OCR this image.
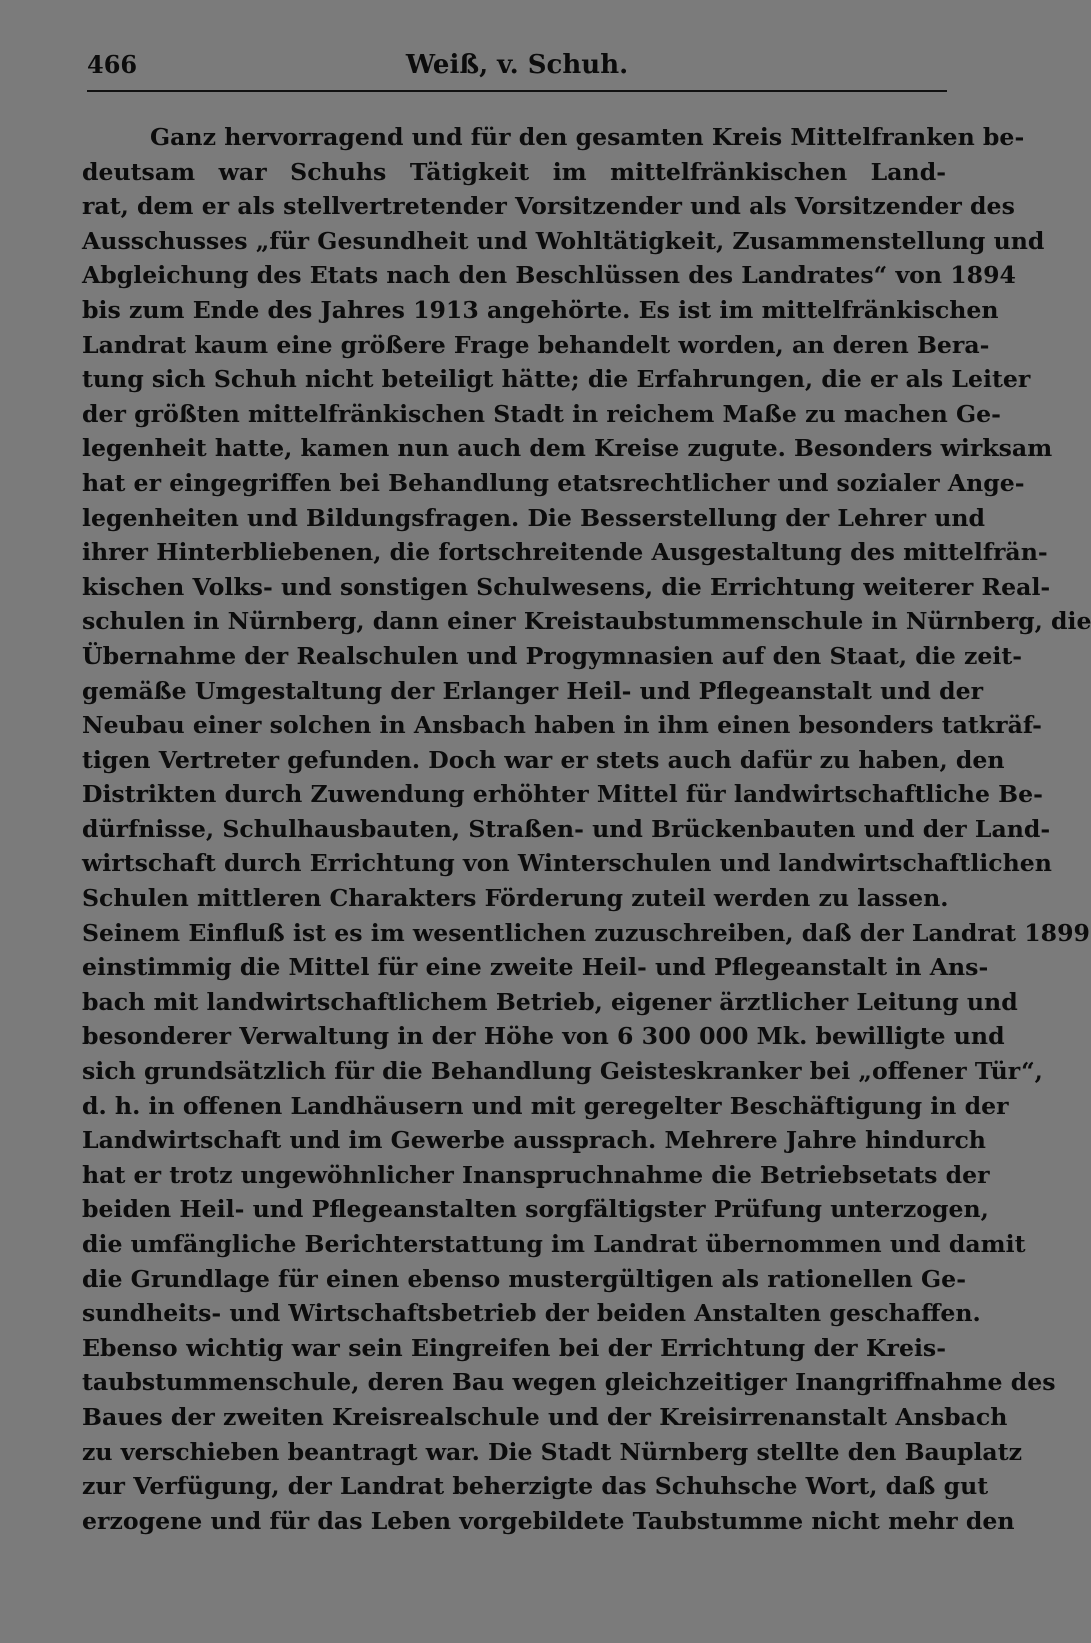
466	Weiß, v. Schuh.
Ganz hervorragend und für den gesamten Kreis Mittelfranken be-
deutsam war Schuhs Tätigkeit im mittelfränkischen Land-
rat, dem er als stellvertretender Vorsitzender und als Vorsitzender des
Ausschusses „für Gesundheit und Wohltätigkeit, Zusammenstellung und
Abgleichung des Etats nach den Beschlüssen des Landrates“ von 1894
bis zum Ende des Jahres 1913 angehörte. Es ist im mittelfränkischen
Landrat kaum eine größere Frage behandelt worden, an deren Bera-
tung sich Schuh nicht beteiligt hätte; die Erfahrungen, die er als Leiter
der größten mittelfränkischen Stadt in reichem Maße zu machen Ge-
legenheit hatte, kamen nun auch dem Kreise zugute. Besonders wirksam
hat er eingegriffen bei Behandlung etatsrechtlicher und sozialer Ange-
legenheiten und Bildungsfragen. Die Besserstellung der Lehrer und
ihrer Hinterbliebenen, die fortschreitende Ausgestaltung des mittelfrän-
kischen Volks- und sonstigen Schulwesens, die Errichtung weiterer Real-
schulen in Nürnberg, dann einer Kreistaubstummenschule in Nürnberg, die
Übernahme der Realschulen und Progymnasien auf den Staat, die zeit-
gemäße Umgestaltung der Erlanger Heil- und Pflegeanstalt und der
Neubau einer solchen in Ansbach haben in ihm einen besonders tatkräf-
tigen Vertreter gefunden. Doch war er stets auch dafür zu haben, den
Distrikten durch Zuwendung erhöhter Mittel für landwirtschaftliche Be-
dürfnisse, Schulhausbauten, Straßen- und Brückenbauten und der Land-
wirtschaft durch Errichtung von Winterschulen und landwirtschaftlichen
Schulen mittleren Charakters Förderung zuteil werden zu lassen.
Seinem Einfluß ist es im wesentlichen zuzuschreiben, daß der Landrat 1899
einstimmig die Mittel für eine zweite Heil- und Pflegeanstalt in Ans-
bach mit landwirtschaftlichem Betrieb, eigener ärztlicher Leitung und
besonderer Verwaltung in der Höhe von 6 300 000 Mk. bewilligte und
sich grundsätzlich für die Behandlung Geisteskranker bei „offener Tür“,
d. h. in offenen Landhäusern und mit geregelter Beschäftigung in der
Landwirtschaft und im Gewerbe aussprach. Mehrere Jahre hindurch
hat er trotz ungewöhnlicher Inanspruchnahme die Betriebsetats der
beiden Heil- und Pflegeanstalten sorgfältigster Prüfung unterzogen,
die umfängliche Berichterstattung im Landrat übernommen und damit
die Grundlage für einen ebenso mustergültigen als rationellen Ge-
sundheits- und Wirtschaftsbetrieb der beiden Anstalten geschaffen.
Ebenso wichtig war sein Eingreifen bei der Errichtung der Kreis-
taubstummenschule, deren Bau wegen gleichzeitiger Inangriffnahme des
Baues der zweiten Kreisrealschule und der Kreisirrenanstalt Ansbach
zu verschieben beantragt war. Die Stadt Nürnberg stellte den Bauplatz
zur Verfügung, der Landrat beherzigte das Schuhsche Wort, daß gut
erzogene und für das Leben vorgebildete Taubstumme nicht mehr den
